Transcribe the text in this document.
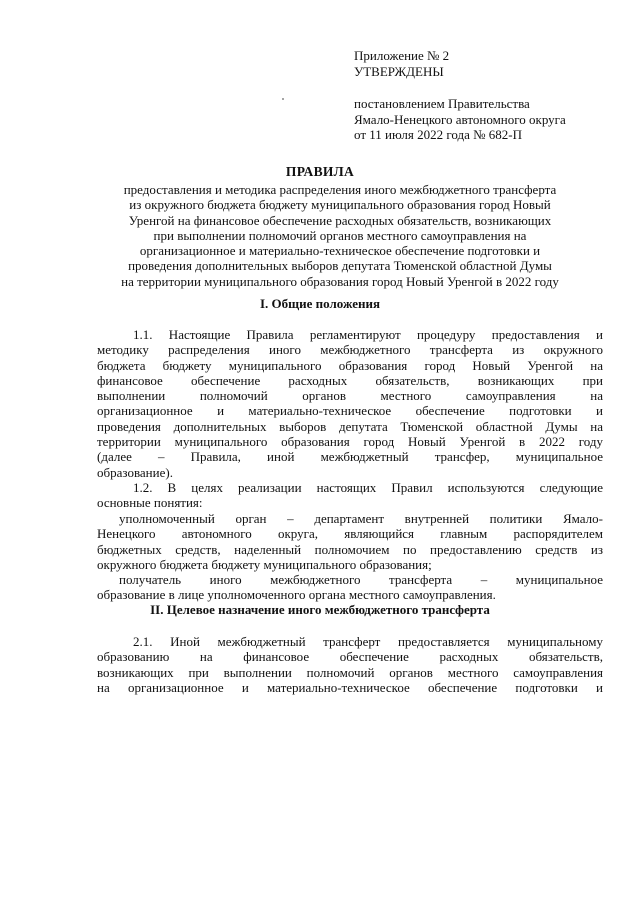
Приложение № 2
УТВЕРЖДЕНЫ
постановлением Правительства
Ямало-Ненецкого автономного округа
от 11 июля 2022 года № 682-П
ПРАВИЛА
предоставления и методика распределения иного межбюджетного трансферта
из окружного бюджета бюджету муниципального образования город Новый
Уренгой на финансовое обеспечение расходных обязательств, возникающих
при выполнении полномочий органов местного самоуправления на
организационное и материально-техническое обеспечение подготовки и
проведения дополнительных выборов депутата Тюменской областной Думы
на территории муниципального образования город Новый Уренгой в 2022 году
I. Общие положения
1.1. Настоящие Правила регламентируют процедуру предоставления и
методику распределения иного межбюджетного трансферта из окружного
бюджета бюджету муниципального образования город Новый Уренгой на
финансовое обеспечение расходных обязательств, возникающих при
выполнении полномочий органов местного самоуправления на
организационное и материально-техническое обеспечение подготовки и
проведения дополнительных выборов депутата Тюменской областной Думы на
территории муниципального образования город Новый Уренгой в 2022 году
(далее – Правила, иной межбюджетный трансфер, муниципальное
образование).
1.2. В целях реализации настоящих Правил используются следующие
основные понятия:
уполномоченный орган – департамент внутренней политики Ямало-
Ненецкого автономного округа, являющийся главным распорядителем
бюджетных средств, наделенный полномочием по предоставлению средств из
окружного бюджета бюджету муниципального образования;
получатель иного межбюджетного трансферта – муниципальное
образование в лице уполномоченного органа местного самоуправления.
II. Целевое назначение иного межбюджетного трансферта
2.1. Иной межбюджетный трансферт предоставляется муниципальному
образованию на финансовое обеспечение расходных обязательств,
возникающих при выполнении полномочий органов местного самоуправления
на организационное и материально-техническое обеспечение подготовки и
